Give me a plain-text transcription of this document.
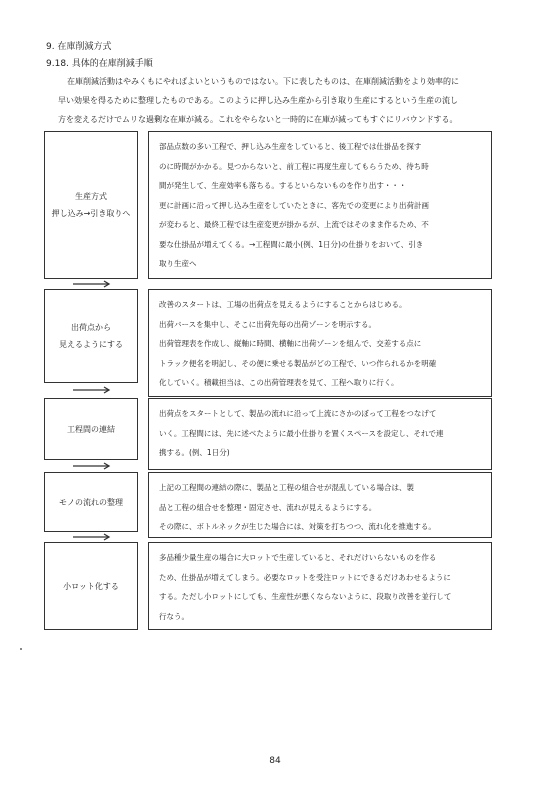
9. 在庫削減方式
9.18. 具体的在庫削減手順
在庫削減活動はやみくもにやればよいというものではない。下に表したものは、在庫削減活動をより効率的に
早い効果を得るために整理したものである。このように押し込み生産から引き取り生産にするという生産の流し
方を変えるだけでムリな過剰な在庫が減る。これをやらないと一時的に在庫が減ってもすぐにリバウンドする。
生産方式
押し込み→引き取りへ
部品点数の多い工程で、押し込み生産をしていると、後工程では仕掛品を探す
のに時間がかかる。見つからないと、前工程に再度生産してもらうため、待ち時
間が発生して、生産効率も落ちる。するといらないものを作り出す・・・
更に計画に沿って押し込み生産をしていたときに、客先での変更により出荷計画
が変わると、最終工程では生産変更が掛かるが、上流ではそのまま作るため、不
要な仕掛品が増えてくる。→工程間に最小(例、1日分)の仕掛りをおいて、引き
取り生産へ
出荷点から
見えるようにする
改善のスタートは、工場の出荷点を見えるようにすることからはじめる。
出荷バースを集中し、そこに出荷先毎の出荷ゾーンを明示する。
出荷管理表を作成し、縦軸に時間、横軸に出荷ゾーンを組んで、交差する点に
トラック便名を明記し、その便に乗せる製品がどの工程で、いつ作られるかを明確
化していく。積載担当は、この出荷管理表を見て、工程へ取りに行く。
工程間の連結
出荷点をスタートとして、製品の流れに沿って上流にさかのぼって工程をつなげて
いく。工程間には、先に述べたように最小仕掛りを置くスペースを設定し、それで連
携する。(例、1日分)
モノの流れの整理
上記の工程間の連結の際に、製品と工程の組合せが混乱している場合は、製
品と工程の組合せを整理・固定させ、流れが見えるようにする。
その際に、ボトルネックが生じた場合には、対策を打ちつつ、流れ化を推進する。
小ロット化する
多品種少量生産の場合に大ロットで生産していると、それだけいらないものを作る
ため、仕掛品が増えてしまう。必要なロットを受注ロットにできるだけあわせるように
する。ただし小ロットにしても、生産性が悪くならないように、段取り改善を並行して
行なう。
84
